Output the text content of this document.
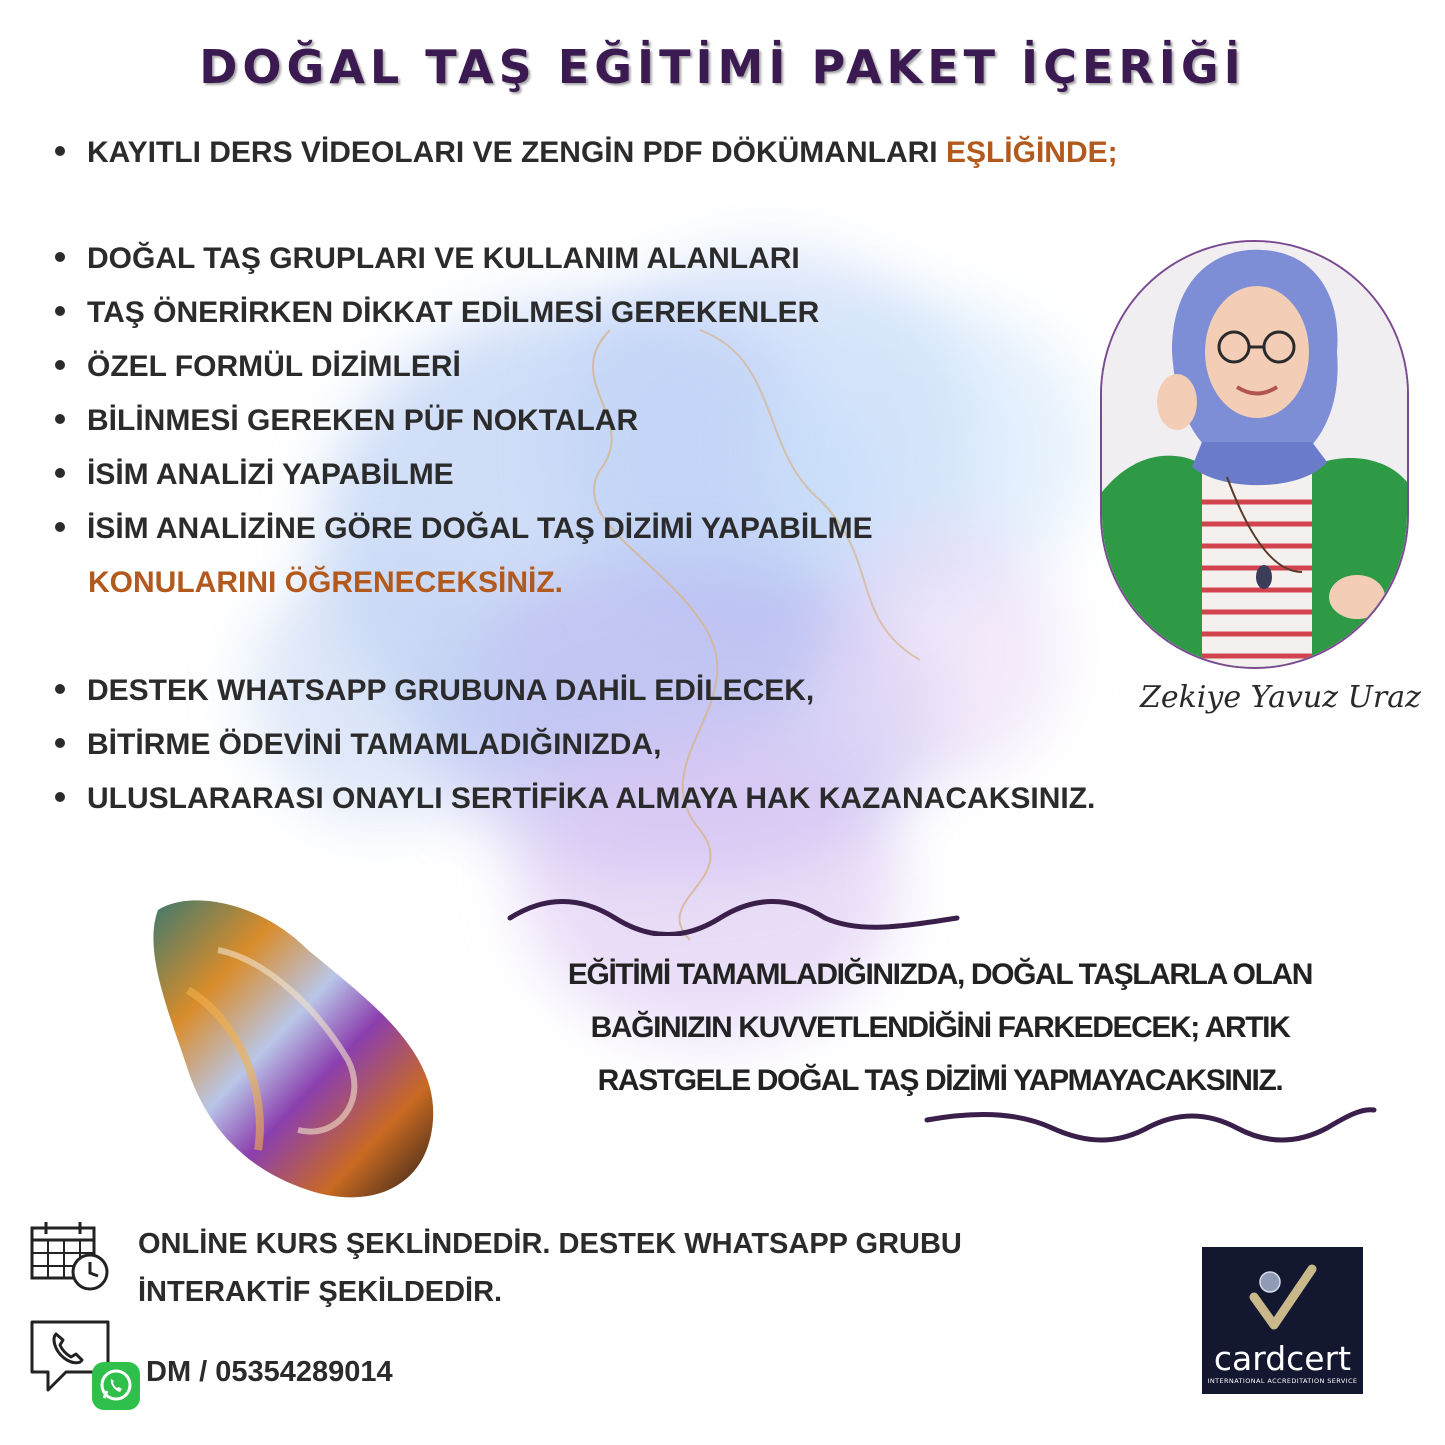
DOĞAL TAŞ EĞİTİMİ PAKET İÇERİĞİ
KAYITLI DERS VİDEOLARI VE ZENGİN PDF DÖKÜMANLARI EŞLİĞİNDE;
DOĞAL TAŞ GRUPLARI VE KULLANIM ALANLARI
TAŞ ÖNERİRKEN DİKKAT EDİLMESİ GEREKENLER
ÖZEL FORMÜL DİZİMLERİ
BİLİNMESİ GEREKEN PÜF NOKTALAR
İSİM ANALİZİ YAPABİLME
İSİM ANALİZİNE GÖRE DOĞAL TAŞ DİZİMİ YAPABİLME
KONULARINI ÖĞRENECEKSİNİZ.
DESTEK WHATSAPP GRUBUNA DAHİL EDİLECEK,
BİTİRME ÖDEVİNİ TAMAMLADIĞINIZDA,
ULUSLARARASI ONAYLI SERTİFİKA ALMAYA HAK KAZANACAKSINIZ.
Zekiye Yavuz Uraz
EĞİTİMİ TAMAMLADIĞINIZDA, DOĞAL TAŞLARLA OLAN
BAĞINIZIN KUVVETLENDİĞİNİ FARKEDECEK; ARTIK
RASTGELE DOĞAL TAŞ DİZİMİ YAPMAYACAKSINIZ.
ONLİNE KURS ŞEKLİNDEDİR. DESTEK WHATSAPP GRUBU
İNTERAKTİF ŞEKİLDEDİR.
DM / 05354289014	cardcert
INTERNATIONAL ACCREDITATION SERVICE
